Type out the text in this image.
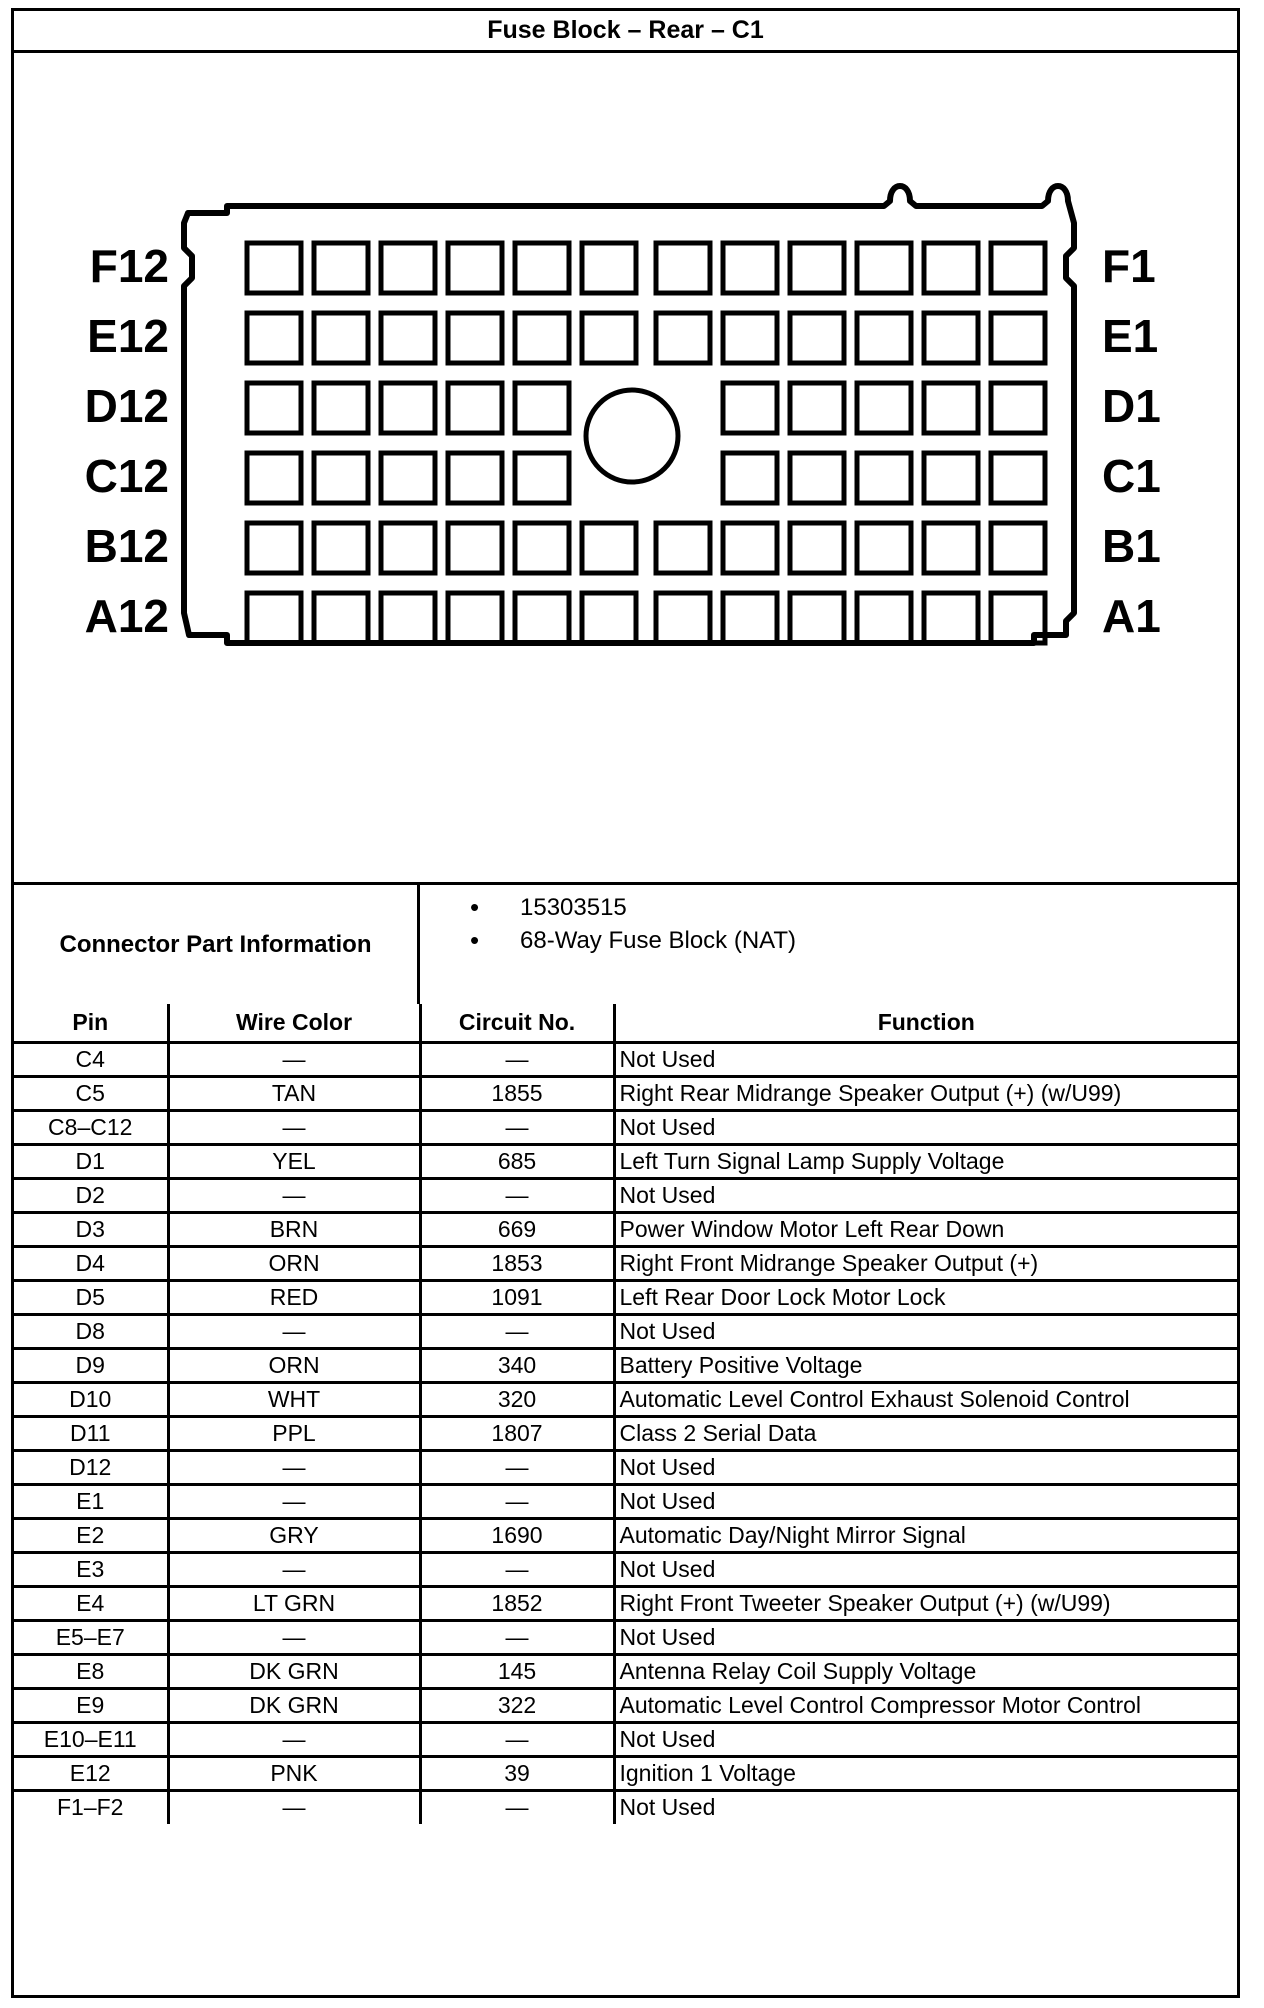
Fuse Block – Rear – C1
F12	F1
E12	E1
D12	D1
C12	C1
B12	B1
A12	A1
Connector Part Information
• 15303515
• 68-Way Fuse Block (NAT)
Pin	Wire Color	Circuit No.	Function
C4	—	—	Not Used
C5	TAN	1855	Right Rear Midrange Speaker Output (+) (w/U99)
C8–C12	—	—	Not Used
D1	YEL	685	Left Turn Signal Lamp Supply Voltage
D2	—	—	Not Used
D3	BRN	669	Power Window Motor Left Rear Down
D4	ORN	1853	Right Front Midrange Speaker Output (+)
D5	RED	1091	Left Rear Door Lock Motor Lock
D8	—	—	Not Used
D9	ORN	340	Battery Positive Voltage
D10	WHT	320	Automatic Level Control Exhaust Solenoid Control
D11	PPL	1807	Class 2 Serial Data
D12	—	—	Not Used
E1	—	—	Not Used
E2	GRY	1690	Automatic Day/Night Mirror Signal
E3	—	—	Not Used
E4	LT GRN	1852	Right Front Tweeter Speaker Output (+) (w/U99)
E5–E7	—	—	Not Used
E8	DK GRN	145	Antenna Relay Coil Supply Voltage
E9	DK GRN	322	Automatic Level Control Compressor Motor Control
E10–E11	—	—	Not Used
E12	PNK	39	Ignition 1 Voltage
F1–F2	—	—	Not Used
